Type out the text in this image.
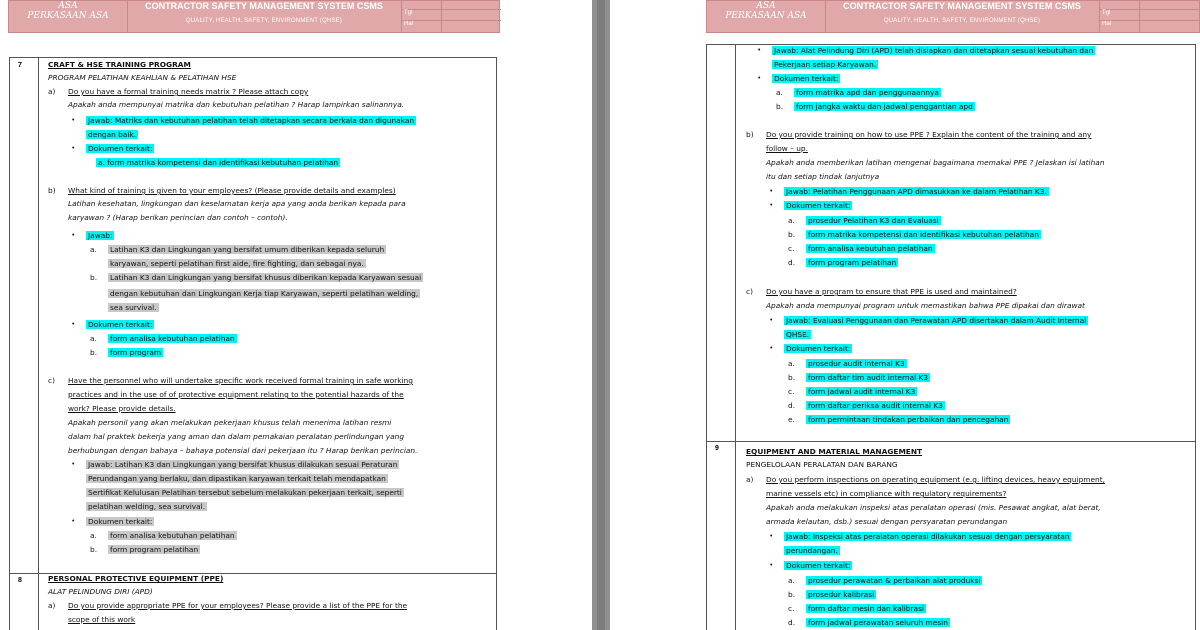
ASA
PERKASAAN ASA
CONTRACTOR SAFETY MANAGEMENT SYSTEM CSMS
QUALITY, HEALTH, SAFETY, ENVIRONMENT (QHSE)
Tgl
Hal
7
8
CRAFT & HSE TRAINING PROGRAM
PROGRAM PELATIHAN KEAHLIAN & PELATIHAN HSE
a) Do you have a formal training needs matrix ? Please attach copy
Apakah anda mempunyai matrika dan kebutuhan pelatihan ? Harap lampirkan salinannya.
• Jawab: Matriks dan kebutuhan pelatihan telah ditetapkan secara berkala dan digunakan
dengan baik.
• Dokumen terkait:
a. form matrika kompetensi dan identifikasi kebutuhan pelatihan
b) What kind of training is given to your employees? (Please provide details and examples)
Latihan kesehatan, lingkungan dan keselamatan kerja apa yang anda berikan kepada para
karyawan ? (Harap berikan perincian dan contoh – contoh).
• Jawab:
a. Latihan K3 dan Lingkungan yang bersifat umum diberikan kepada seluruh
karyawan, seperti pelatihan first aide, fire fighting, dan sebagai nya.
b. Latihan K3 dan Lingkungan yang bersifat khusus diberikan kepada Karyawan sesuai
dengan kebutuhan dan Lingkungan Kerja tiap Karyawan, seperti pelatihan welding,
sea survival.
• Dokumen terkait:
a. form analisa kebutuhan pelatihan
b. form program
c) Have the personnel who will undertake specific work received formal training in safe working
practices and in the use of of protective equipment relating to the potential hazards of the
work? Please provide details.
Apakah personil yang akan melakukan pekerjaan khusus telah menerima latihan resmi
dalam hal praktek bekerja yang aman dan dalam pemakaian peralatan perlindungan yang
berhubungan dengan bahaya – bahaya potensial dari pekerjaan itu ? Harap berikan perincian.
• Jawab: Latihan K3 dan Lingkungan yang bersifat khusus dilakukan sesuai Peraturan
Perundangan yang berlaku, dan dipastikan karyawan terkait telah mendapatkan
Sertifikat Kelulusan Pelatihan tersebut sebelum melakukan pekerjaan terkait, seperti
pelatihan welding, sea survival.
• Dokumen terkait:
a. form analisa kebutuhan pelatihan
b. form program pelatihan
PERSONAL PROTECTIVE EQUIPMENT (PPE)
ALAT PELINDUNG DIRI (APD)
a) Do you provide appropriate PPE for your employees? Please provide a list of the PPE for the
scope of this work
ASA
PERKASAAN ASA
CONTRACTOR SAFETY MANAGEMENT SYSTEM CSMS
QUALITY, HEALTH, SAFETY, ENVIRONMENT (QHSE)
Tgl
Hal
9
• Jawab: Alat Pelindung Diri (APD) telah disiapkan dan ditetapkan sesuai kebutuhan dan
Pekerjaan setiap Karyawan.
• Dokumen terkait:
a. form matrika apd dan penggunaannya
b. form jangka waktu dan jadwal penggantian apd
b) Do you provide training on how to use PPE ? Explain the content of the training and any
follow – up.
Apakah anda memberikan latihan mengenai bagaimana memakai PPE ? Jelaskan isi latihan
itu dan setiap tindak lanjutnya
• Jawab: Pelatihan Penggunaan APD dimasukkan ke dalam Pelatihan K3.
• Dokumen terkait:
a. prosedur Pelatihan K3 dan Evaluasi
b. form matrika kompetensi dan identifikasi kebutuhan pelatihan
c. form analisa kebutuhan pelatihan
d. form program pelatihan
c) Do you have a program to ensure that PPE is used and maintained?
Apakah anda mempunyai program untuk memastikan bahwa PPE dipakai dan dirawat
• Jawab: Evaluasi Penggunaan dan Perawatan APD disertakan dalam Audit Internal
QHSE.
• Dokumen terkait:
a. prosedur audit internal K3
b. form daftar tim audit internal K3
c. form jadwal audit internal K3
d. form daftar periksa audit internal K3
e. form permintaan tindakan perbaikan dan pencegahan
EQUIPMENT AND MATERIAL MANAGEMENT
PENGELOLAAN PERALATAN DAN BARANG
a) Do you perform inspections on operating equipment (e.g. lifting devices, heavy equipment,
marine vessels etc) in compliance with regulatory requirements?
Apakah anda melakukan inspeksi atas peralatan operasi (mis. Pesawat angkat, alat berat,
armada kelautan, dsb.) sesuai dengan persyaratan perundangan
• Jawab: Inspeksi atas peralatan operasi dilakukan sesuai dengan persyaratan
perundangan.
• Dokumen terkait:
a. prosedur perawatan & perbaikan alat produksi
b. prosedur kalibrasi
c. form daftar mesin dan kalibrasi
d. form jadwal perawatan seluruh mesin
